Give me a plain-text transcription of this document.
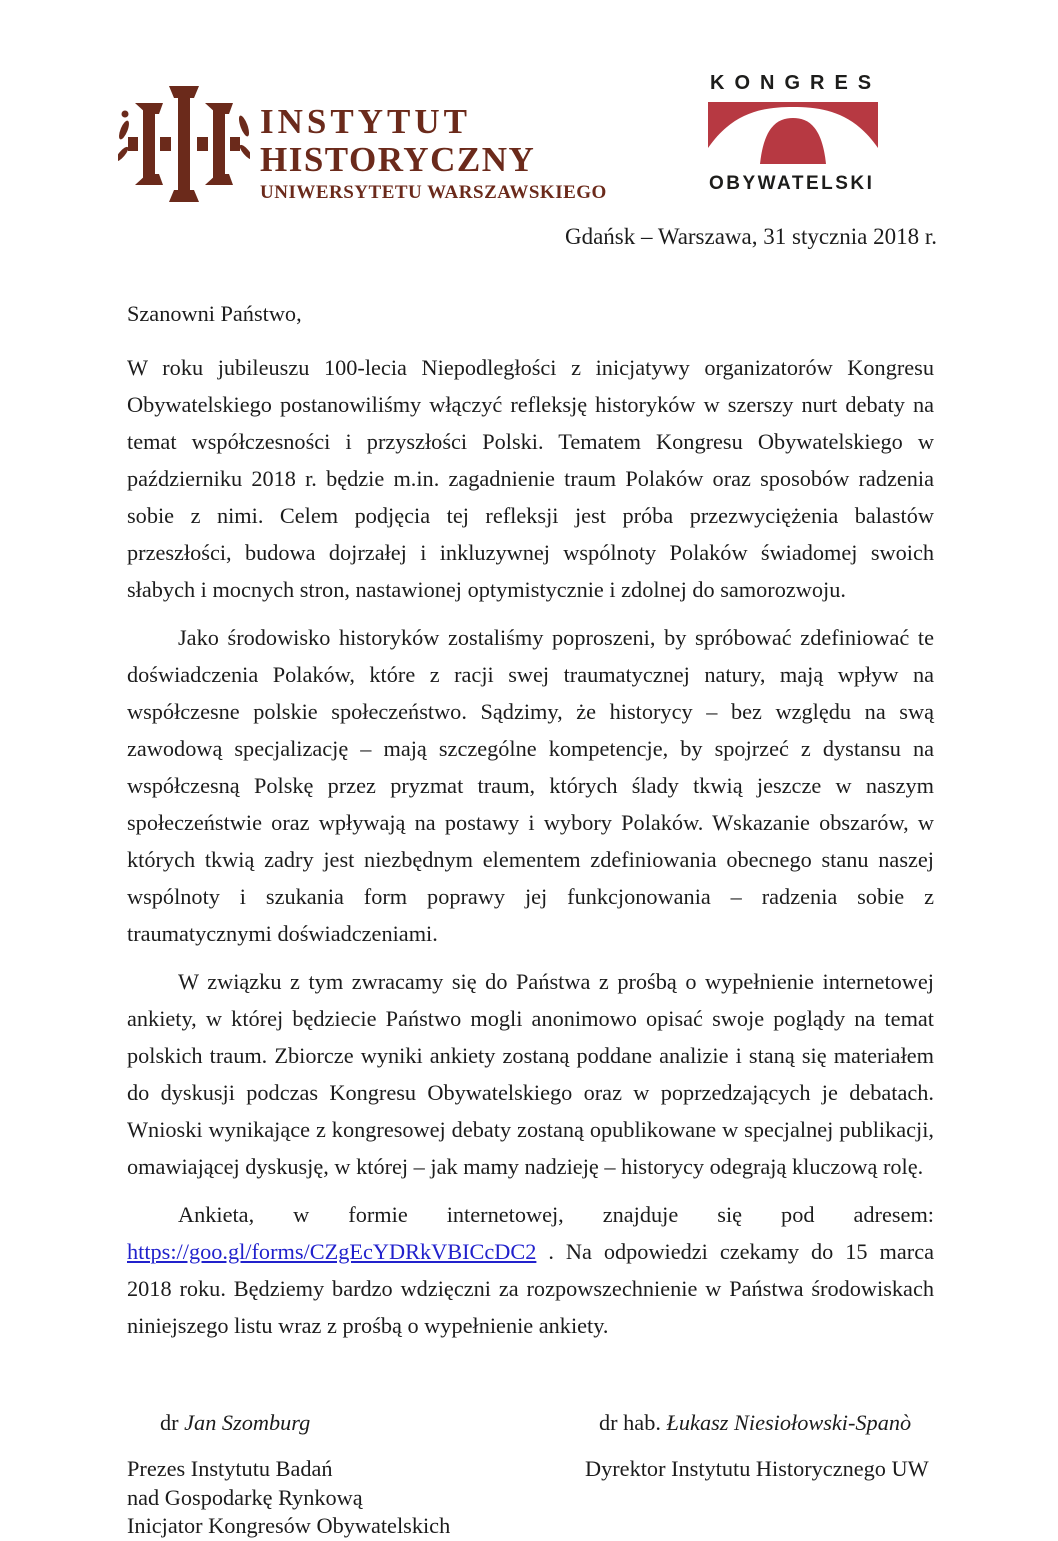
INSTYTUT
HISTORYCZNY
UNIWERSYTETU WARSZAWSKIEGO
KONGRES
OBYWATELSKI
Gdańsk – Warszawa, 31 stycznia 2018 r.

Szanowni Państwo,

W roku jubileuszu 100-lecia Niepodległości z inicjatywy organizatorów Kongresu Obywatelskiego postanowiliśmy włączyć refleksję historyków w szerszy nurt debaty na temat współczesności i przyszłości Polski. Tematem Kongresu Obywatelskiego w październiku 2018 r. będzie m.in. zagadnienie traum Polaków oraz sposobów radzenia sobie z nimi. Celem podjęcia tej refleksji jest próba przezwyciężenia balastów przeszłości, budowa dojrzałej i inkluzywnej wspólnoty Polaków świadomej swoich słabych i mocnych stron, nastawionej optymistycznie i zdolnej do samorozwoju.

Jako środowisko historyków zostaliśmy poproszeni, by spróbować zdefiniować te doświadczenia Polaków, które z racji swej traumatycznej natury, mają wpływ na współczesne polskie społeczeństwo. Sądzimy, że historycy – bez względu na swą zawodową specjalizację – mają szczególne kompetencje, by spojrzeć z dystansu na współczesną Polskę przez pryzmat traum, których ślady tkwią jeszcze w naszym społeczeństwie oraz wpływają na postawy i wybory Polaków. Wskazanie obszarów, w których tkwią zadry jest niezbędnym elementem zdefiniowania obecnego stanu naszej wspólnoty i szukania form poprawy jej funkcjonowania – radzenia sobie z traumatycznymi doświadczeniami.

W związku z tym zwracamy się do Państwa z prośbą o wypełnienie internetowej ankiety, w której będziecie Państwo mogli anonimowo opisać swoje poglądy na temat polskich traum. Zbiorcze wyniki ankiety zostaną poddane analizie i staną się materiałem do dyskusji podczas Kongresu Obywatelskiego oraz w poprzedzających je debatach. Wnioski wynikające z kongresowej debaty zostaną opublikowane w specjalnej publikacji, omawiającej dyskusję, w której – jak mamy nadzieję – historycy odegrają kluczową rolę.

Ankieta, w formie internetowej, znajduje się pod adresem: https://goo.gl/forms/CZgEcYDRkVBICcDC2 . Na odpowiedzi czekamy do 15 marca 2018 roku. Będziemy bardzo wdzięczni za rozpowszechnienie w Państwa środowiskach niniejszego listu wraz z prośbą o wypełnienie ankiety.

dr Jan Szomburg

Prezes Instytutu Badań

nad Gospodarkę Rynkową

Inicjator Kongresów Obywatelskich

dr hab. Łukasz Niesiołowski-Spanò

Dyrektor Instytutu Historycznego UW
